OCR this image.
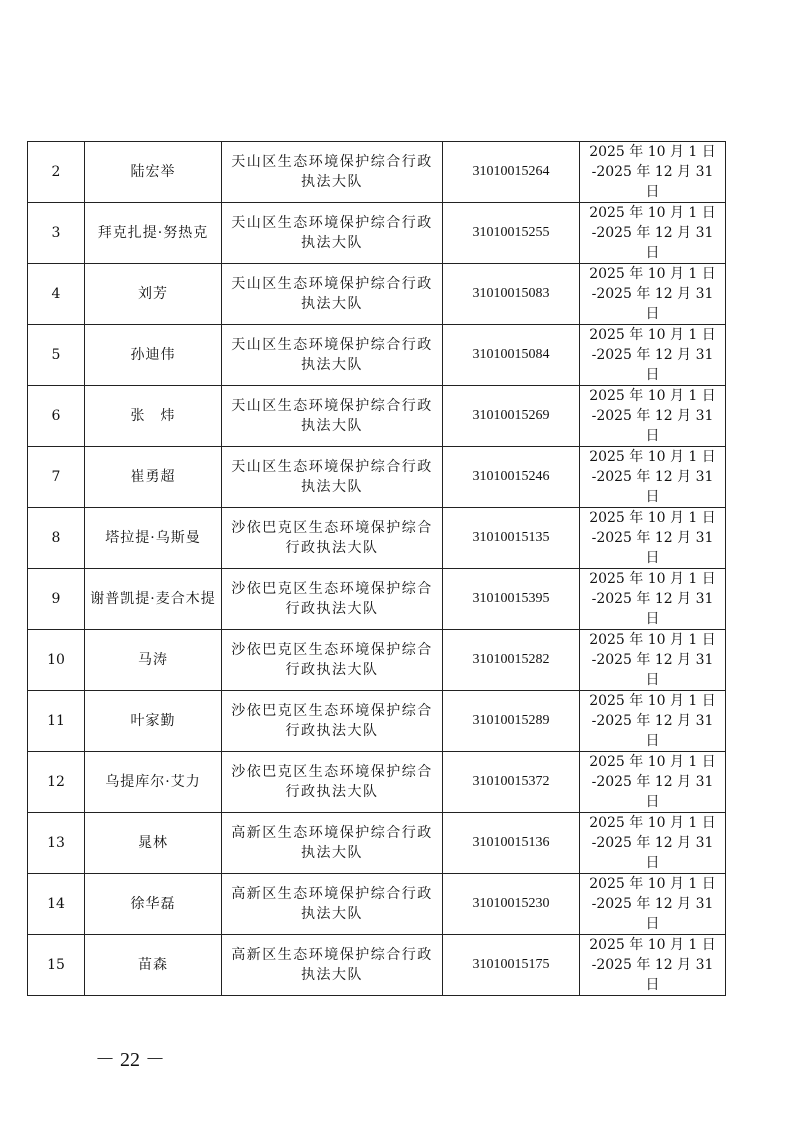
2	陆宏举	天山区生态环境保护综合行政执法大队	31010015264	2025 年 10 月 1 日
-2025 年 12 月 31 日

3	拜克扎提·努热克	天山区生态环境保护综合行政执法大队	31010015255	2025 年 10 月 1 日
-2025 年 12 月 31 日

4	刘芳	天山区生态环境保护综合行政执法大队	31010015083	2025 年 10 月 1 日
-2025 年 12 月 31 日

5	孙迪伟	天山区生态环境保护综合行政执法大队	31010015084	2025 年 10 月 1 日
-2025 年 12 月 31 日

6	张　炜	天山区生态环境保护综合行政执法大队	31010015269	2025 年 10 月 1 日
-2025 年 12 月 31 日

7	崔勇超	天山区生态环境保护综合行政执法大队	31010015246	2025 年 10 月 1 日
-2025 年 12 月 31 日

8	塔拉提·乌斯曼	沙依巴克区生态环境保护综合行政执法大队	31010015135	2025 年 10 月 1 日
-2025 年 12 月 31 日

9	谢普凯提·麦合木提	沙依巴克区生态环境保护综合行政执法大队	31010015395	2025 年 10 月 1 日
-2025 年 12 月 31 日

10	马涛	沙依巴克区生态环境保护综合行政执法大队	31010015282	2025 年 10 月 1 日
-2025 年 12 月 31 日

11	叶家勤	沙依巴克区生态环境保护综合行政执法大队	31010015289	2025 年 10 月 1 日
-2025 年 12 月 31 日

12	乌提库尔·艾力	沙依巴克区生态环境保护综合行政执法大队	31010015372	2025 年 10 月 1 日
-2025 年 12 月 31 日

13	晁林	高新区生态环境保护综合行政执法大队	31010015136	2025 年 10 月 1 日
-2025 年 12 月 31 日

14	徐华磊	高新区生态环境保护综合行政执法大队	31010015230	2025 年 10 月 1 日
-2025 年 12 月 31 日

15	苗森	高新区生态环境保护综合行政执法大队	31010015175	2025 年 10 月 1 日
-2025 年 12 月 31 日
－ 22 －
